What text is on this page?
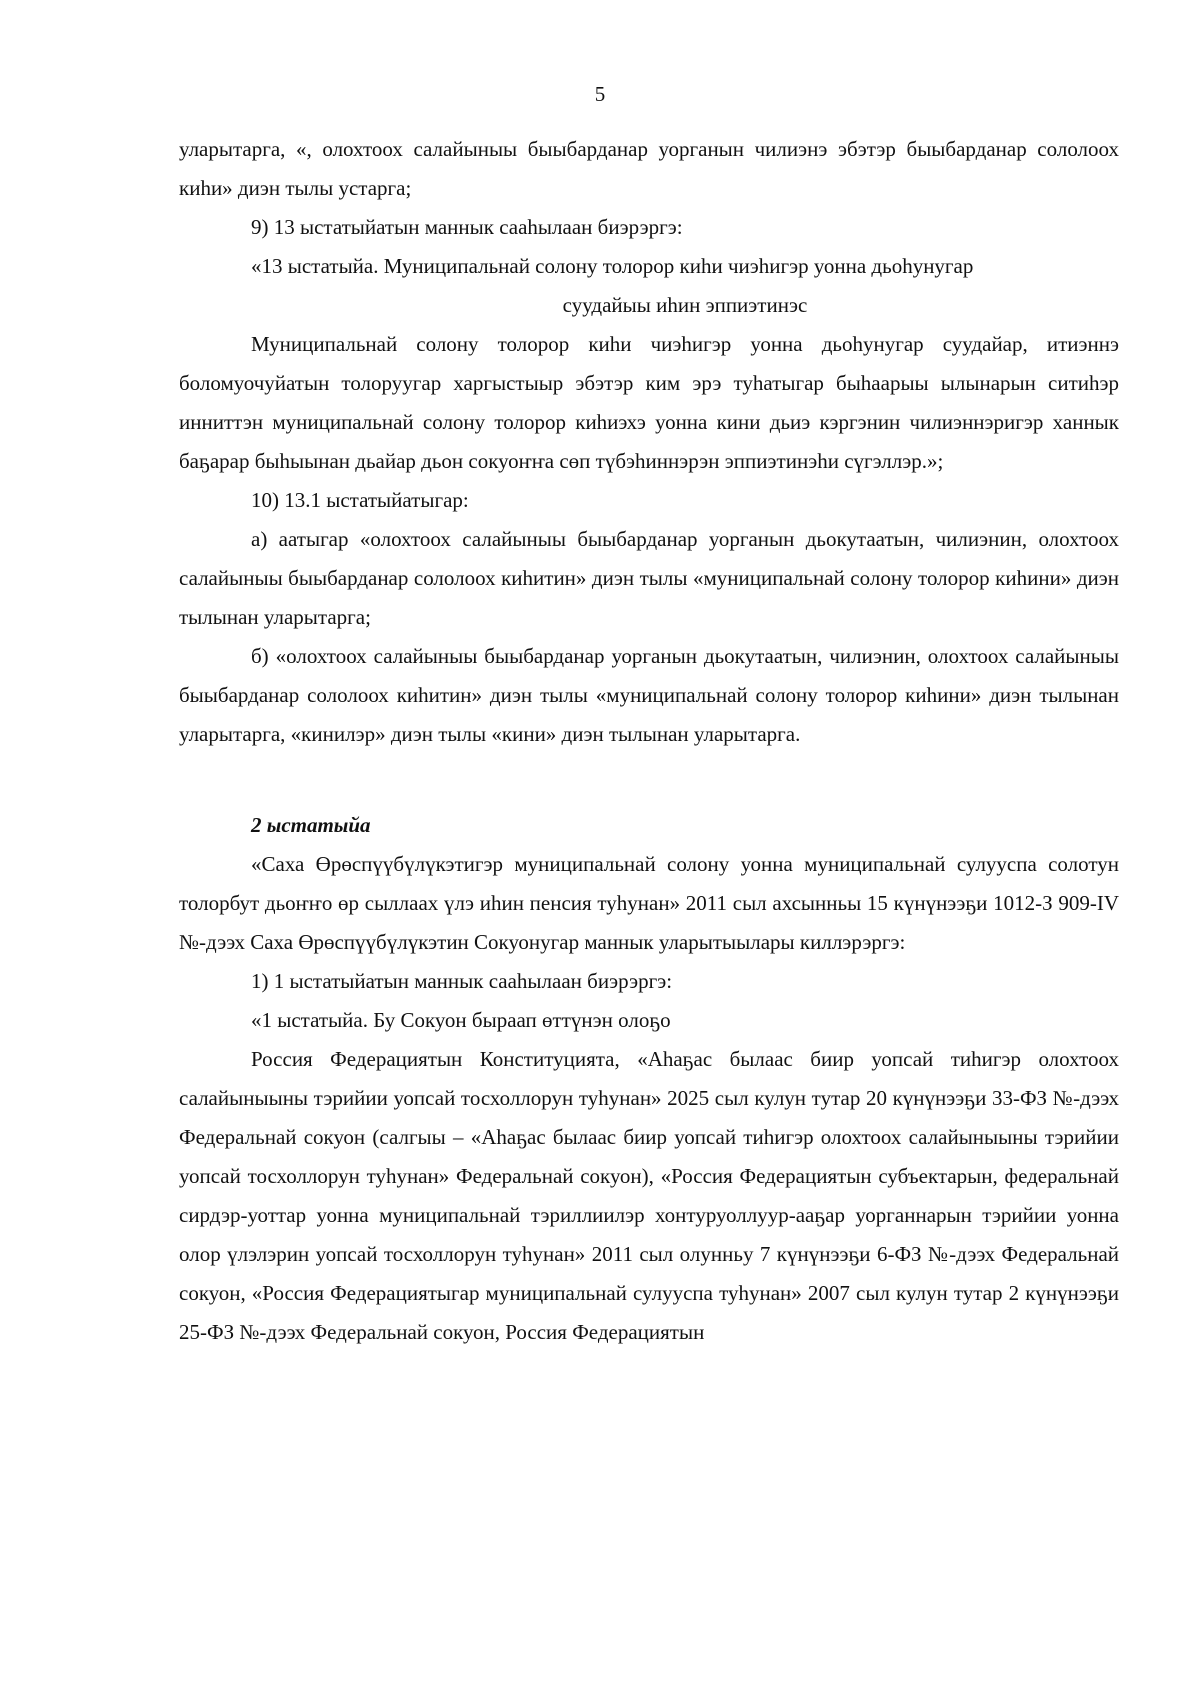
5

уларытарга, «, олохтоох салайыныы быыбарданар уорганын чилиэнэ эбэтэр быыбарданар сололоох киһи» диэн тылы устарга;

9) 13 ыстатыйатын маннык сааһылаан биэрэргэ:

«13 ыстатыйа. Муниципальнай солону толорор киһи чиэһигэр уонна дьоһунугар

суудайыы иһин эппиэтинэс

Муниципальнай солону толорор киһи чиэһигэр уонна дьоһунугар суудайар, итиэннэ боломуочуйатын толоруугар харгыстыыр эбэтэр ким эрэ туһатыгар быһаарыы ылынарын ситиһэр инниттэн муниципальнай солону толорор киһиэхэ уонна кини дьиэ кэргэнин чилиэннэригэр ханнык баҕарар быһыынан дьайар дьон сокуоҥҥа сөп түбэһиннэрэн эппиэтинэһи сүгэллэр.»;

10) 13.1 ыстатыйатыгар:

а) аатыгар «олохтоох салайыныы быыбарданар уорганын дьокутаатын, чилиэнин, олохтоох салайыныы быыбарданар сололоох киһитин» диэн тылы «муниципальнай солону толорор киһини» диэн тылынан уларытарга;

б) «олохтоох салайыныы быыбарданар уорганын дьокутаатын, чилиэнин, олохтоох салайыныы быыбарданар сололоох киһитин» диэн тылы «муниципальнай солону толорор киһини» диэн тылынан уларытарга, «кинилэр» диэн тылы «кини» диэн тылынан уларытарга.

2 ыстатыйа

«Саха Өрөспүүбүлүкэтигэр муниципальнай солону уонна муниципальнай сулууспа солотун толорбут дьоҥҥо өр сыллаах үлэ иһин пенсия туһунан» 2011 сыл ахсынньы 15 күнүнээҕи 1012-З 909-IV №-дээх Саха Өрөспүүбүлүкэтин Сокуонугар маннык уларытыылары киллэрэргэ:

1) 1 ыстатыйатын маннык сааһылаан биэрэргэ:

«1 ыстатыйа. Бу Сокуон быраап өттүнэн олоҕо

Россия Федерациятын Конституцията, «Аһаҕас былаас биир уопсай тиһигэр олохтоох салайыныыны тэрийии уопсай тосхоллорун туһунан» 2025 сыл кулун тутар 20 күнүнээҕи 33-ФЗ №-дээх Федеральнай сокуон (салгыы – «Аһаҕас былаас биир уопсай тиһигэр олохтоох салайыныыны тэрийии уопсай тосхоллорун туһунан» Федеральнай сокуон), «Россия Федерациятын субъектарын, федеральнай сирдэр-уоттар уонна муниципальнай тэриллиилэр хонтуруоллуур-ааҕар уорганнарын тэрийии уонна олор үлэлэрин уопсай тосхоллорун туһунан» 2011 сыл олунньу 7 күнүнээҕи 6-ФЗ №-дээх Федеральнай сокуон, «Россия Федерациятыгар муниципальнай сулууспа туһунан» 2007 сыл кулун тутар 2 күнүнээҕи 25-ФЗ №-дээх Федеральнай сокуон, Россия Федерациятын
